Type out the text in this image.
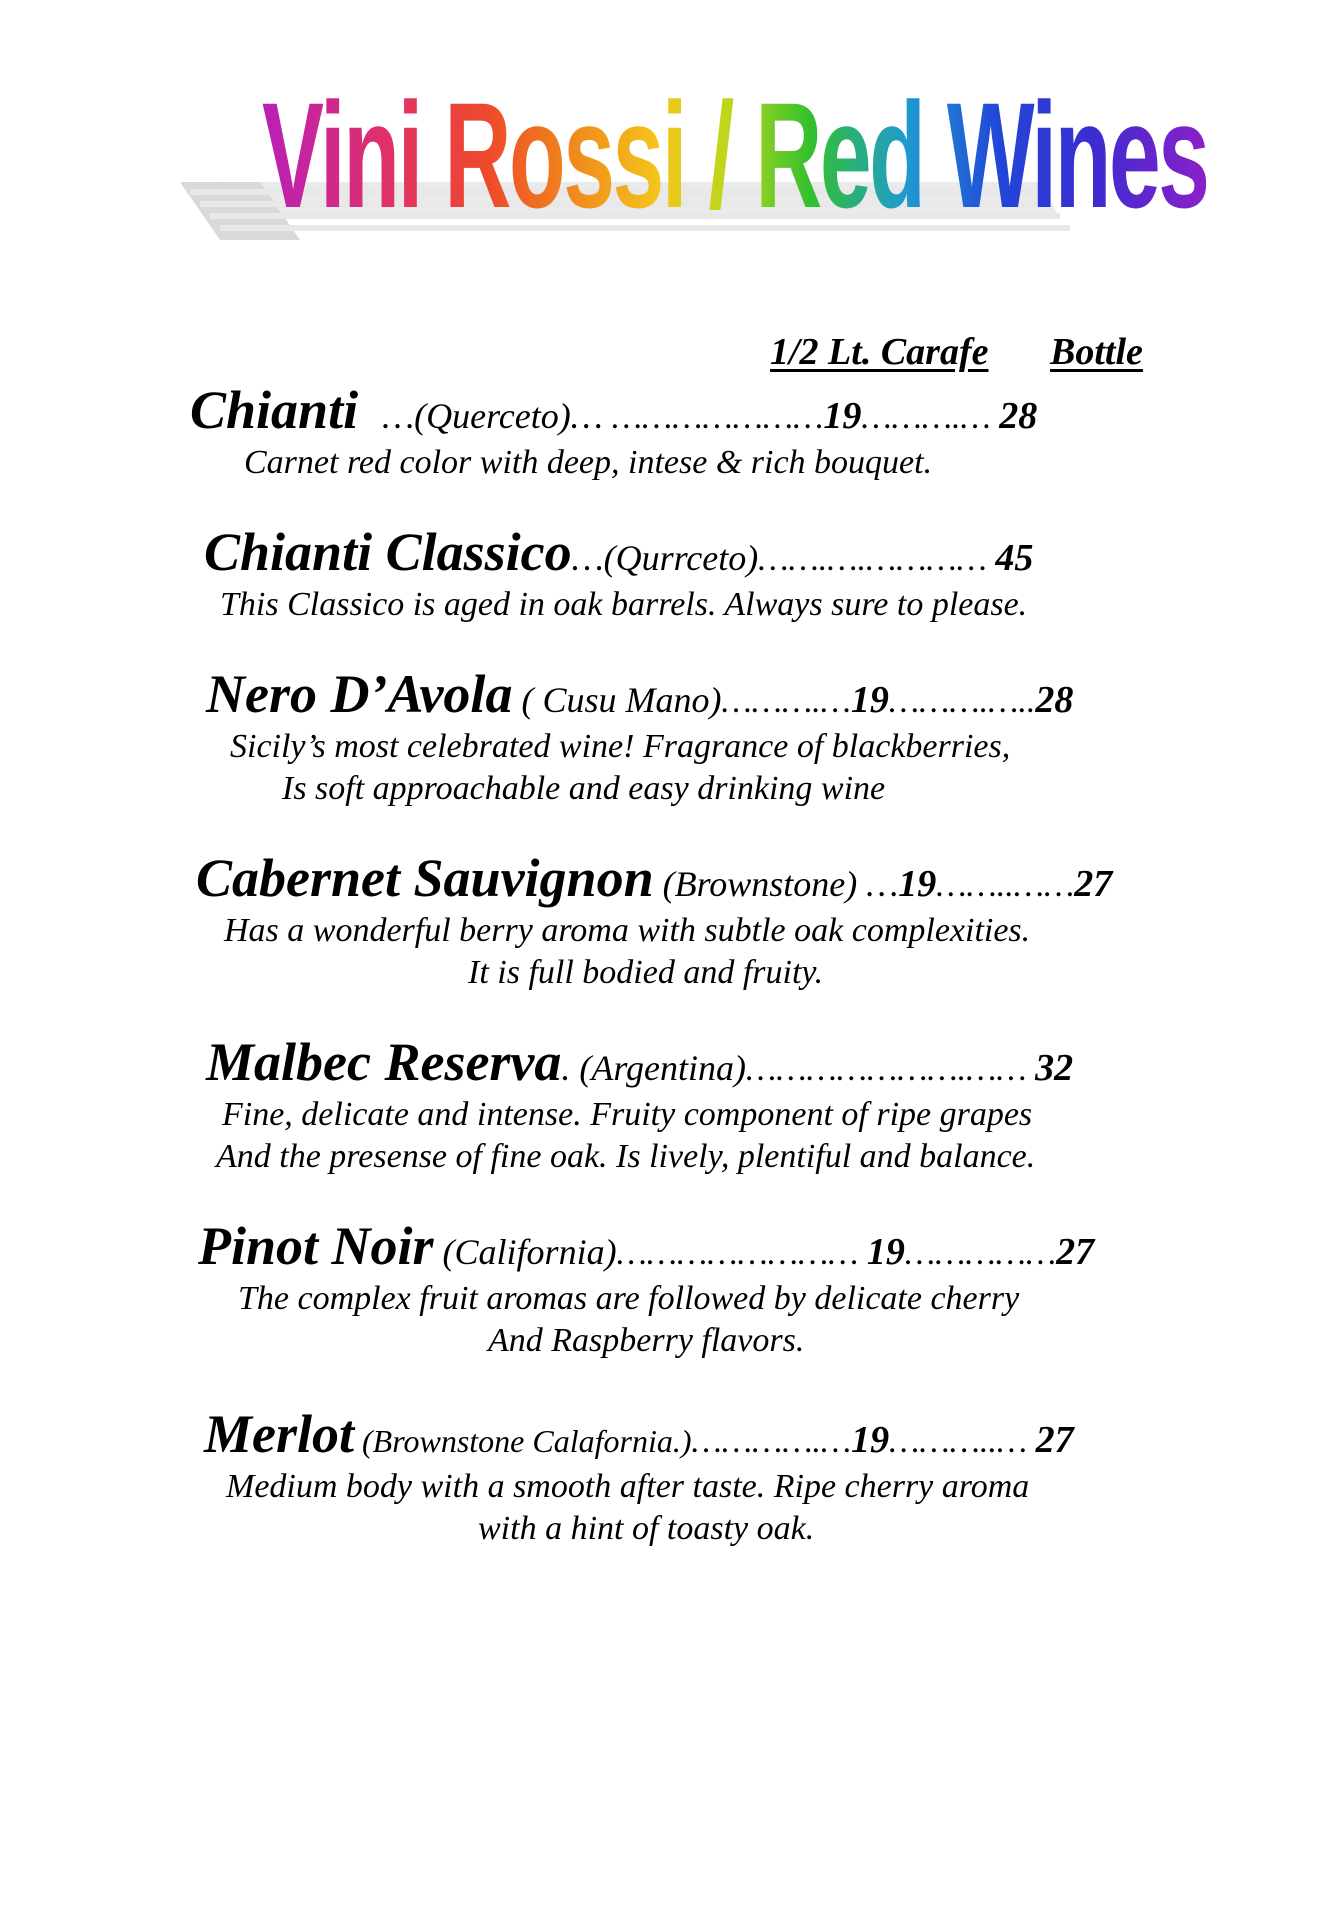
Vini Rossi / Red Wines
1/2 Lt. Carafe Bottle
Chianti …(Querceto)… …………………19……….… 28
Carnet red color with deep, intese & rich bouquet.
Chianti Classico…(Qurrceto)…….….………… 45
This Classico is aged in oak barrels. Always sure to please.
Nero D’Avola ( Cusu Mano)……….…19……….…..28
Sicily’s most celebrated wine! Fragrance of blackberries,
Is soft approachable and easy drinking wine
Cabernet Sauvignon (Brownstone) …19……..……27
Has a wonderful berry aroma with subtle oak complexities.
It is full bodied and fruity.
Malbec Reserva. (Argentina)………………….…… 32
Fine, delicate and intense. Fruity component of ripe grapes
And the presense of fine oak. Is lively, plentiful and balance.
Pinot Noir (California)…………………… 19……………27
The complex fruit aromas are followed by delicate cherry
And Raspberry flavors.
Merlot (Brownstone Calafornia.)………….…19………..… 27
Medium body with a smooth after taste. Ripe cherry aroma
with a hint of toasty oak.
